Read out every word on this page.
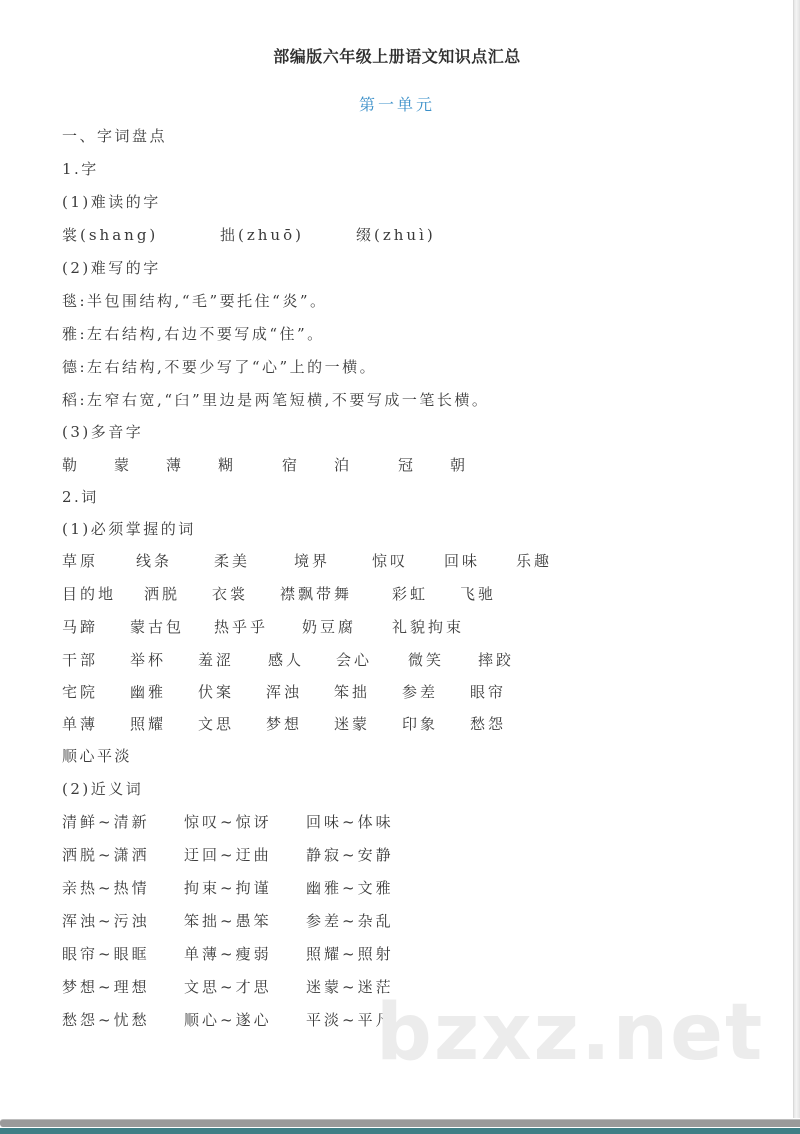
部编版六年级上册语文知识点汇总
第一单元
一、字词盘点
1.字
(1)难读的字
裳(shang)	拙(zhuō)	缀(zhuì)
(2)难写的字
毯:半包围结构,“毛”要托住“炎”。
雅:左右结构,右边不要写成“住”。
德:左右结构,不要少写了“心”上的一横。
稻:左窄右宽,“臼”里边是两笔短横,不要写成一笔长横。
(3)多音字
勒 蒙 薄 糊	宿 泊	冠 朝
2.词
(1)必须掌握的词
草原	线条	柔美	境界	惊叹 回味 乐趣
目的地 洒脱 衣裳 襟飘带舞	彩虹 飞驰
马蹄 蒙古包 热乎乎 奶豆腐 礼貌拘束
干部 举杯 羞涩 感人 会心 微笑 摔跤
宅院 幽雅 伏案 浑浊 笨拙 参差 眼帘
单薄 照耀 文思 梦想 迷蒙 印象 愁怨
顺心平淡
(2)近义词
清鲜~清新 惊叹~惊讶 回味~体味
洒脱~潇洒 迂回~迂曲 静寂~安静
亲热~热情 拘束~拘谨 幽雅~文雅
浑浊~污浊 笨拙~愚笨 参差~杂乱
眼帘~眼眶 单薄~瘦弱 照耀~照射
梦想~理想 文思~才思 迷蒙~迷茫
愁怨~忧愁 顺心~遂心 平淡~平凡
bzxz.net
